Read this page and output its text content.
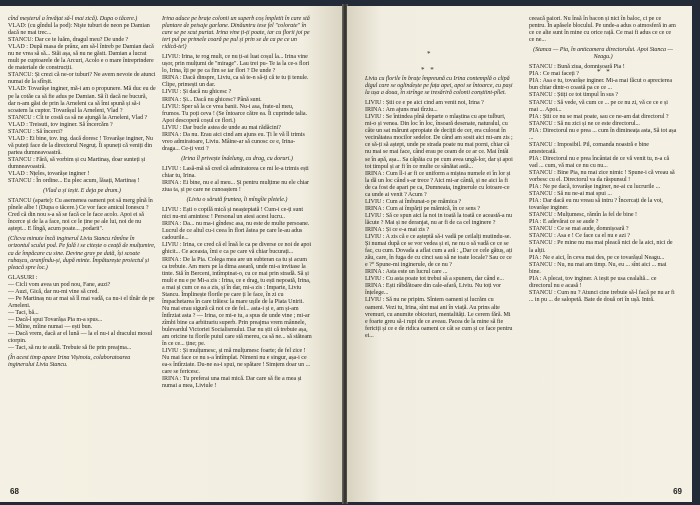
cînd meșterul a învățat să-l mai zică). Dupa o tăcere.)

VLAD: (cu gîndul la pod): Nişte tuburi de neon pe Damian dacă ne mai trec...

STANCU: Dar ce te luăm, dragul meu? De unde ?

VLAD : După masa de prânz, am să-l întreb pe Damian dacă nu ne vrea să să... Stăi așa, să nu ne găsit. Damian a lucrat mult pe cuptoarele de la Arcuri, Acolo e o mare întreprindere de materiale de construcții.

STANCU: Și crezi că ne-or tuburi? Ne avem nevoie de atunci numai de la sfîrșit.

VLAD: Tovarășe inginer, mă-i am o propunere. Mă duc eu de pe la cotăe ca să fie adus pe Damian. Să îi dacă ne bucură, dar n-am găsi de prin la Arneleni ca să îmi spună și să-i scoatem la cuptor. Tovarășul la Arneleni, Vlad ?

STANCU : Cît te costă ca să ne ajungă la Arneleni, Vlad ?

VLAD : Treisuti, tov inginer. Să încercăm ?

STANCU : Să încerci?

VLAD : Ei bine, tov. ing. dacă doresc ! Tovarășe inginer, Nu vă puteți face de la directorul Negruț. Îi spuneți că veniți din partea dumneavoastră.

STANCU : Fără, să vorbim și cu Martinaș, doar sunteți și dumneavoastră.

VLAD : Nțeles, tovarășe inginer !

STANCU : În ordine... Eu plec acum, lăsați, Martinaș !

(Vlad a și ieșit. E deja pe drum.)

STANCU (aparte): Cu asemenea oameni pot să merg pînă în pînele albe ! (Dupa o tăcere.) Ce vor face amicul Ionescu ? Cred că din nou s-a să se facă ce le face acolo. Apoi ei să încerce și de la a face, noi ce le ține pe ale lui, noi de nu aștept... E lîngă, acum poate... ,podarii".

(Clicva minute încă inginerul Liviu Stancu rămîne în orizontul scului pod. Pe fală i se citește o ceață de mulțumire, ca de împăcare cu sine. Devine grav pe dată, își scoate rubașcu, aranjîndu-și, după minte. Împăturește proiectul și pleacă spre loc.)

GLASURI :

— Cicli vom avea un pod nou, Fane, auzi?

— Auzi, Gică, dar nu-mi vine să cred.

— Pe Martinaș nu ar mai să îl mai vadă, ca nu-i el tînăr de pe Arneleni.

— Taci, bă...

— Dacă-l spui Tovarășa Pia m-a spus...

— Mîine, mîine numai — ești bun.

— Dacă vrem, dacă ar el lună — la el nu-i al dracului mosul ciorpin.

— Taci, să nu te audă. Trebuie să fie prin preajma...

(În acest timp apare Irina Vișinoiu, colaboratoarea inginerului Liviu Stancu.

Irina aduce pe brațe colonii un superb coș împletit în care stă plantare de peisaje garlane. Dinăuntru iese fel "colorate" în care se pe scut purtat. Irina vine ți-ți poate, iar cu florii joi pe ieri pul pe primele coară pe pul și prin se de ca pe ce un ridică-te!)

LIVIU: Irina, te rog mult, ce nu ți-ai luat coșul la... Irina vine ușor, prin mulțumi de "mirage". Lau trei pu- Te ia la ce-s flori lo, Irina, îți pe pe ca fim se iar flori ? De unde ?

IRINA : Dacă dinspre, Liviu, ca să te-n să-ți că te tu ți tenule. Clipe, primești un dar.

LIVIU : Și dacă nu ghicesc ?

IRINA : Și... Dacă nu ghicesc? Până sunt.

LIVIU: Sper să la ce vrea banii. Nu-i asa, frate-ul meu, frumos. Tu poți ceva ! (Se întoarce către ea. Îi cuprinde talia. Apoi descoperă coșul ce flori.)

LIVIU : Dar bucle astea de unde au mai rădăcini?

IRINA : Da nu. Erau aici cind am ajuns eu. Ți le vă îl trimis vreo admiratoare, Liviu. Mâine-ar să cunosc ce e, Irina-draga... Ce-ți vezi ?

(Irina îl privește îndelung, cu drag, cu doruri.)

LIVIU : Lasă-mă să cred că admiratorea ce mi le-a trimis ești chiar tu, Irina.

IRINA : Ei bine, nu e al meu... Și pentru mulțime nu ele chiar ziua ta, și pe care ne cunoaștem !

(Liviu o sărută fruntea, îi mîngîie pletele.)

LIVIU : Ești o copilă mică și neașteptată ! Cum-i ce-ți sunt nici nu-mi amintesc ! Personal un atesi acest lucru..

IRINA : Da... nu ma-i gîndesc asa, nu este de multe persoane. Lucrul de ce altul cu-i ceea în flori ăstea pe care le-au adus cadourile...

LIVIU : Irina, ce cred că el însă le ca pe diverse ce noi de apoi ghicit... Ce aceasta, îmi e ca pe care vă chiar bucurați...

IRINA : De la Pia. Colega mea are un subteran ca tu și acum ca trebuie. Am mers pe la dima aseară, unde mi-a invitase la tinte. Stă în Berceni, intîmpinat-o, cu ce mai prin stradă. Să și mult e nu e pe Mi-a zis : Irina, ce e drag, tu ești nepoată, Irina, a mai și cum ce ea a zis, și în dar, mi-a zis : Imparte, Liviu Stancu. Împlinește florile pe care ți le face, în zi cu împachetarea în care trăiesc la mare ușile de la Piata Unirii. Nu mai erau sigură că noi ce de fel... asta-i și e, am și-am întîrziat asta ? — Irina, ce mi-e tu, a spus de unde vine ; mi-ar zîmbi bine ca arbitrariu superb. Prin preajma vrem mânnele, bulevardul Victoriei Socialismului. Dar nu știi că trebuie așa, am oricine tu florile puiul care stă mereu, ca să ne... să stăteam în ce ce... ține; pe.

LIVIU : Și mulțumesc, și mă mulțumesc foarte; de fel zice ! Nu mai face ce nu s-a întîmplat. Nimeni nu e singur, așa-i ce ea-s întîrziate. Du-ne ea-i spui, ne spătare ! Simțem doar un ... care se fericesc.

IRINA : Tu preferai una mai mică. Dar care să fie a mea și numai a mea, Liviule !

68
*
* *	* *

Liviu cu florile în brațe împreună cu Irina contemplă o clipă digul care se oglindește pe fața apei, apoi se întoarce, cu pași la ușa a doua, în strînge se tresăriră colonii conștiint-pîlet.

LIVIU : Știi ce e pe aici cind am venit noi, Irina ?

IRINA : Am ajuns mai tîrziu...

LIVIU : Se întindea pînă departe o mlaștina cu ape tulburi, mi-o și venea. Din loc în loc, însoară desenate, naturalul, cu câte un sat mărunt apropiate de deciții de cer, era culorat în vecinătatea mocilor sedelor. De când am sosit aici mi-am zis ; ce să-ți să aștept, unde pe strada poate nu mai porni, chiar că nu mai se mai face, când erau pe ceam de ce ar ce. Mai întâi se în apă, așa... Sa căpăta cu pe cum avea ungă-lor, dar și apoi tot timpul și ar fi în ce multe ce sânătat astă...

IRINA : Cum îl-i ar fi ce uniform a miștea numele ei în lor și la dă un loc când s-ar trece ? Aici mi-ar cântă, și ne aici la fi de ca fost de apari pe ca, Dumneata, inginerule cu lotoare-ce ca unde ai venit ? Acum ?

LIVIU : Cum ai îmbunat-o pe mămica ?

IRINA : Cum ai împărți pe mămică, în ce sens ?

LIVIU : Să ce spun aici la noi in toată la toată ce această-a nu lăcute ? Mai și ne deranjat, nu ar fi de ca cel inginere ?

IRINA : Și ce e-a mai zis ?

LIVIU : A zis că e ce așteptă să-i vadă pe ceilalți mutindu-se. Și numai după ce se vor vedea și ei, ne nu o să vadă ce ce se fac, cu cum. Dovada a aflat cum a ară : „Dar ce cele gătuș, ați zău, care, în fuga de cu cinci sau să ne toate locale? Sau ce ce e ?“ Spune-mi inginerule, de ce nu ?

IRINA : Asta este un lucrul care ...

LIVIU : Cu asta poate tot trebui să a spunem, dar când e...

IRINA : Ești răbdătoare din cale-afară, Liviu. Nu toți vor înțelege...

LIVIU : Să nu ne pripim. Sîntem oameni și lucrăm cu oameni. Vezi tu, Irina, sînt mai ani în viață. Au prins alte vremuri, cu anumite obiceiuri, mentalități. Le cerem fără. Mi e foarte greu să-i rupi de ce aveau. Pacea de la mine să fie fericiți și ce e de ridica oameni ce cât se cum și ce face pentru ei...

ceeacă paiori. Nu însă în bacon și nici în baloc, ci pe ce pentru. În apăsele bloculul. Pe unde-a adus o atmosferă in am ce ce alte sunt în mine cu orice rață. Ce mai fi adus ce ce ce ce ne...

(Stanca — Pia, în anticamera directorului. Apoi Stanca — Neagu.)

STANCU : Bună ziua, domnișoară Pia !

PIA : Ce mai faceți ?

PIA : Asa e tu, tovarășe inginer. Mi-a mai făcut o aprecierea bun chiar dintr-o coastă pa ce ce ...

STANCU : Știți ce tot timpul în sus ?

STANCU : Să vede, vă cum ce ... pe ce nu zi, vă ce ce e și mai ... Apoi...

PIA : Știi ce nu se mai poate, sau ce ne-am dat directorul ?

STANCU : Să nu zici și ne ce este directorul...

PIA : Directorul nu e prea ... cum în dimineața asta, Să tot așa ...

STANCU : Imposibil. Pil, comanda noastră e bine amestecată.

PIA : Directorul nu e prea încântat de ce vă venit tu, n-a că vad ... cum, vă mai ce nu cu nu...

STANCU : Bine Pia, nu mai zice nimic ! Spune-i că vreau să vorbesc cu el. Directorul va da răspunsul !

PIA : Ne pe dacă, tovarășe inginer, ne-ai cu lucrurile ...

STANCU : Să nu ne-ai mai spui ...

PIA : Dar dacă eu nu vreau să intru ? Încercați de la voi, tovarășe inginer.

STANCU : Mulțumesc, rămîn la fel de bine !

PIA : E adevărat ce se aude ?

STANCU : Ce se mai aude, domnișoară ?

STANCU : Asa e ! Ce face ca el nu e azi ?

STANCU : Pe mine nu ma mai pleacă nici de la aici, nici de la alții.

PIA : Ne e aici, în ceva mai des, pe ce tovarășul Neagu...

STANCU : Nu, nu mai am timp. Nu, eu ... sînt aici ... mai bine.

PIA : A plecat, tov inginer. A ieșit pe usa cealaltă... ce directorul nu e acasă !

STANCU : Cum nu ? Atunci cine trebuie să-l facă pe nu ar fi ... in pu ... de salopetă. Bate de două ori în ușă. Intră.

69
